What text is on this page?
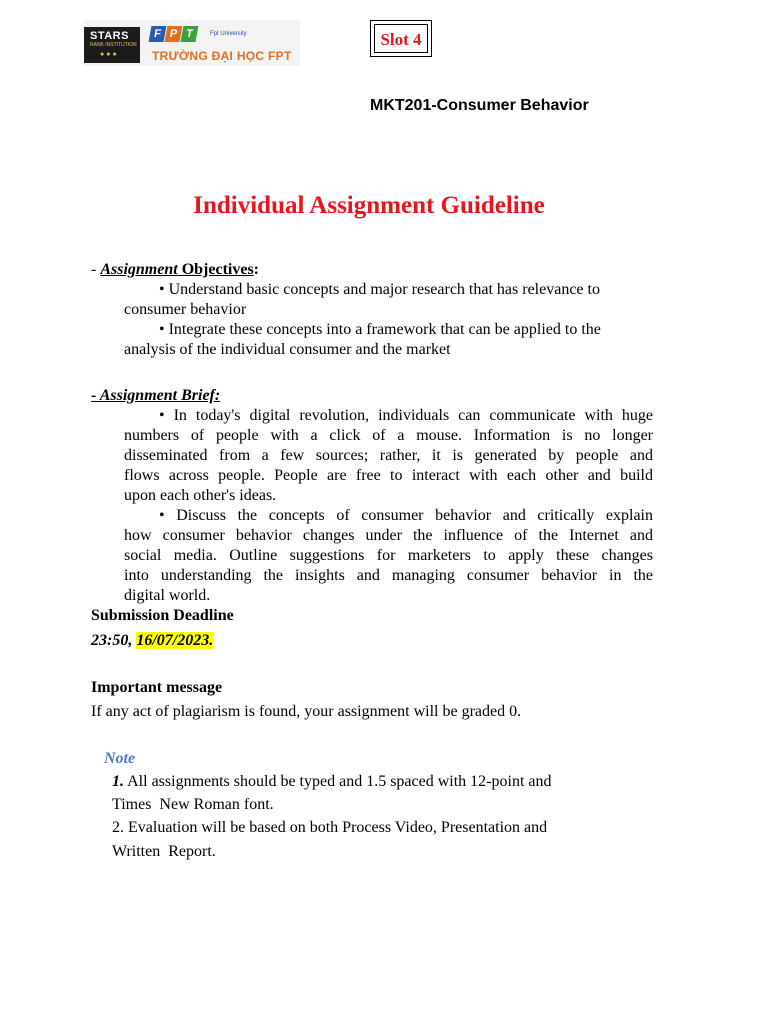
STARS
RANK INSTITUTION
●●●
F P T	Fpt University
TRƯỜNG ĐẠI HỌC FPT
Slot 4
MKT201-Consumer Behavior
Individual Assignment Guideline
- Assignment Objectives:
• Understand basic concepts and major research that has relevance to
consumer behavior
• Integrate these concepts into a framework that can be applied to the
analysis of the individual consumer and the market
- Assignment Brief:
• In today's digital revolution, individuals can communicate with huge
numbers of people with a click of a mouse. Information is no longer
disseminated from a few sources; rather, it is generated by people and
flows across people. People are free to interact with each other and build
upon each other's ideas.
• Discuss the concepts of consumer behavior and critically explain
how consumer behavior changes under the influence of the Internet and
social media. Outline suggestions for marketers to apply these changes
into understanding the insights and managing consumer behavior in the
digital world.
Submission Deadline
23:50, 16/07/2023.
Important message
If any act of plagiarism is found, your assignment will be graded 0.
Note
1. All assignments should be typed and 1.5 spaced with 12-point and
Times  New Roman font.
2. Evaluation will be based on both Process Video, Presentation and
Written  Report.
